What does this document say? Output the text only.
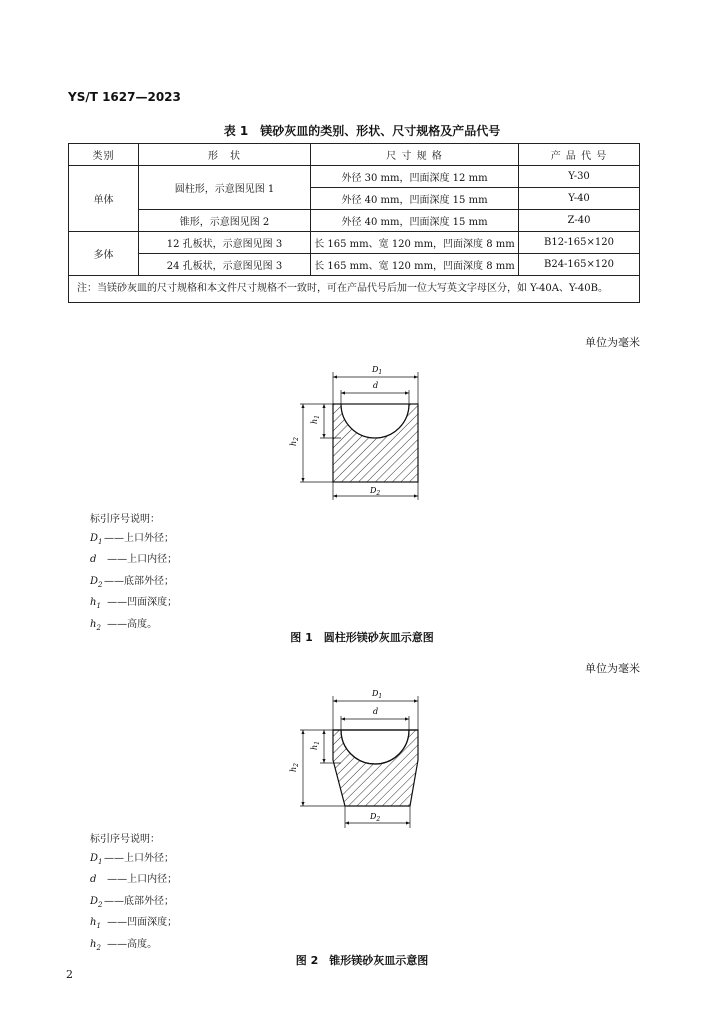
YS/T 1627—2023
表 1　镁砂灰皿的类别、形状、尺寸规格及产品代号
类别	形　状	尺 寸 规 格	产 品 代 号
单体	圆柱形，示意图见图 1	外径 30 mm，凹面深度 12 mm	Y-30
		外径 40 mm，凹面深度 15 mm	Y-40
	锥形，示意图见图 2	外径 40 mm，凹面深度 15 mm	Z-40
多体	12 孔板状，示意图见图 3	长 165 mm、宽 120 mm，凹面深度 8 mm	B12-165×120
	24 孔板状，示意图见图 3	长 165 mm、宽 120 mm，凹面深度 8 mm	B24-165×120
注：当镁砂灰皿的尺寸规格和本文件尺寸规格不一致时，可在产品代号后加一位大写英文字母区分，如 Y-40A、Y-40B。			
单位为毫米
$D_1$
d
$h_1$
$h_2$
$D_2$
标引序号说明：
$D_1$ ——上口外径；
d ——上口内径；
$D_2$ ——底部外径；
$h_1$ ——凹面深度；
$h_2$ ——高度。
图 1　圆柱形镁砂灰皿示意图
单位为毫米
$D_1$
d
$h_1$
$h_2$
$D_2$
标引序号说明：
$D_1$ ——上口外径；
d ——上口内径；
$D_2$ ——底部外径；
$h_1$ ——凹面深度；
$h_2$ ——高度。
图 2　锥形镁砂灰皿示意图
2
